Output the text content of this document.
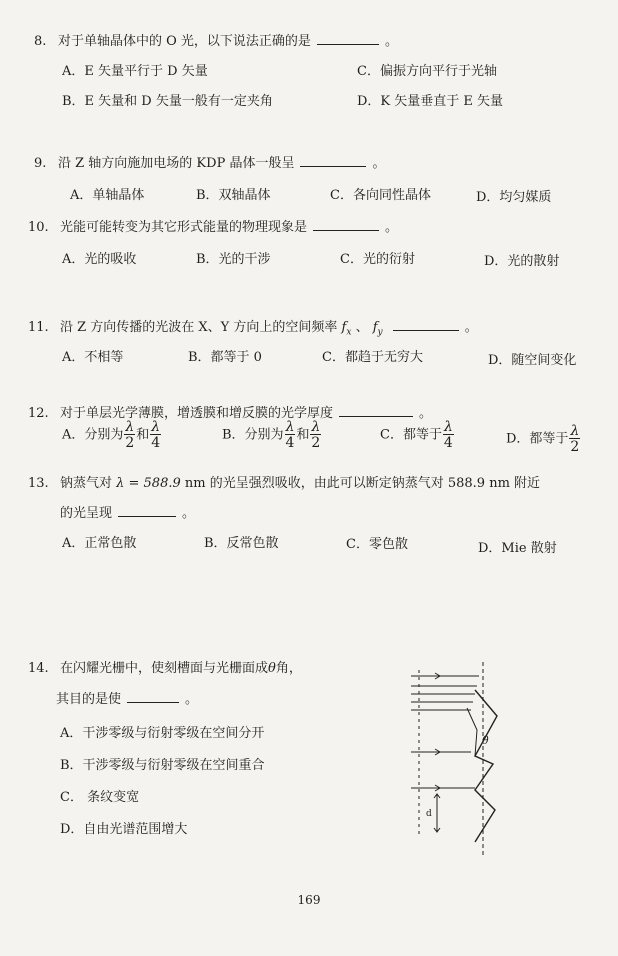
8. 对于单轴晶体中的 O 光，以下说法正确的是	。
A．E 矢量平行于 D 矢量	C．偏振方向平行于光轴
B．E 矢量和 D 矢量一般有一定夹角	D．K 矢量垂直于 E 矢量
9. 沿 Z 轴方向施加电场的 KDP 晶体一般呈	。
A．单轴晶体	B．双轴晶体	C．各向同性晶体	D．均匀媒质
10. 光能可能转变为其它形式能量的物理现象是	。
A．光的吸收	B．光的干涉	C．光的衍射	D．光的散射
11. 沿 Z 方向传播的光波在 X、Y 方向上的空间频率 $f_x$ 、 $f_y$	。
A．不相等	B．都等于 0	C．都趋于无穷大	D．随空间变化
12. 对于单层光学薄膜，增透膜和增反膜的光学厚度	。
A．分别为 $\frac{\lambda}{2}$ 和 $\frac{\lambda}{4}$	B．分别为 $\frac{\lambda}{4}$ 和 $\frac{\lambda}{2}$	C．都等于 $\frac{\lambda}{4}$	D．都等于 $\frac{\lambda}{2}$
13. 钠蒸气对 λ = 588.9 nm 的光呈强烈吸收，由此可以断定钠蒸气对 588.9 nm 附近
的光呈现	。
A．正常色散	B．反常色散	C．零色散	D．Mie 散射
14. 在闪耀光栅中，使刻槽面与光栅面成θ角，
其目的是使	。
A．干涉零级与衍射零级在空间分开
B．干涉零级与衍射零级在空间重合
C． 条纹变宽
D．自由光谱范围增大
θ
d
169
